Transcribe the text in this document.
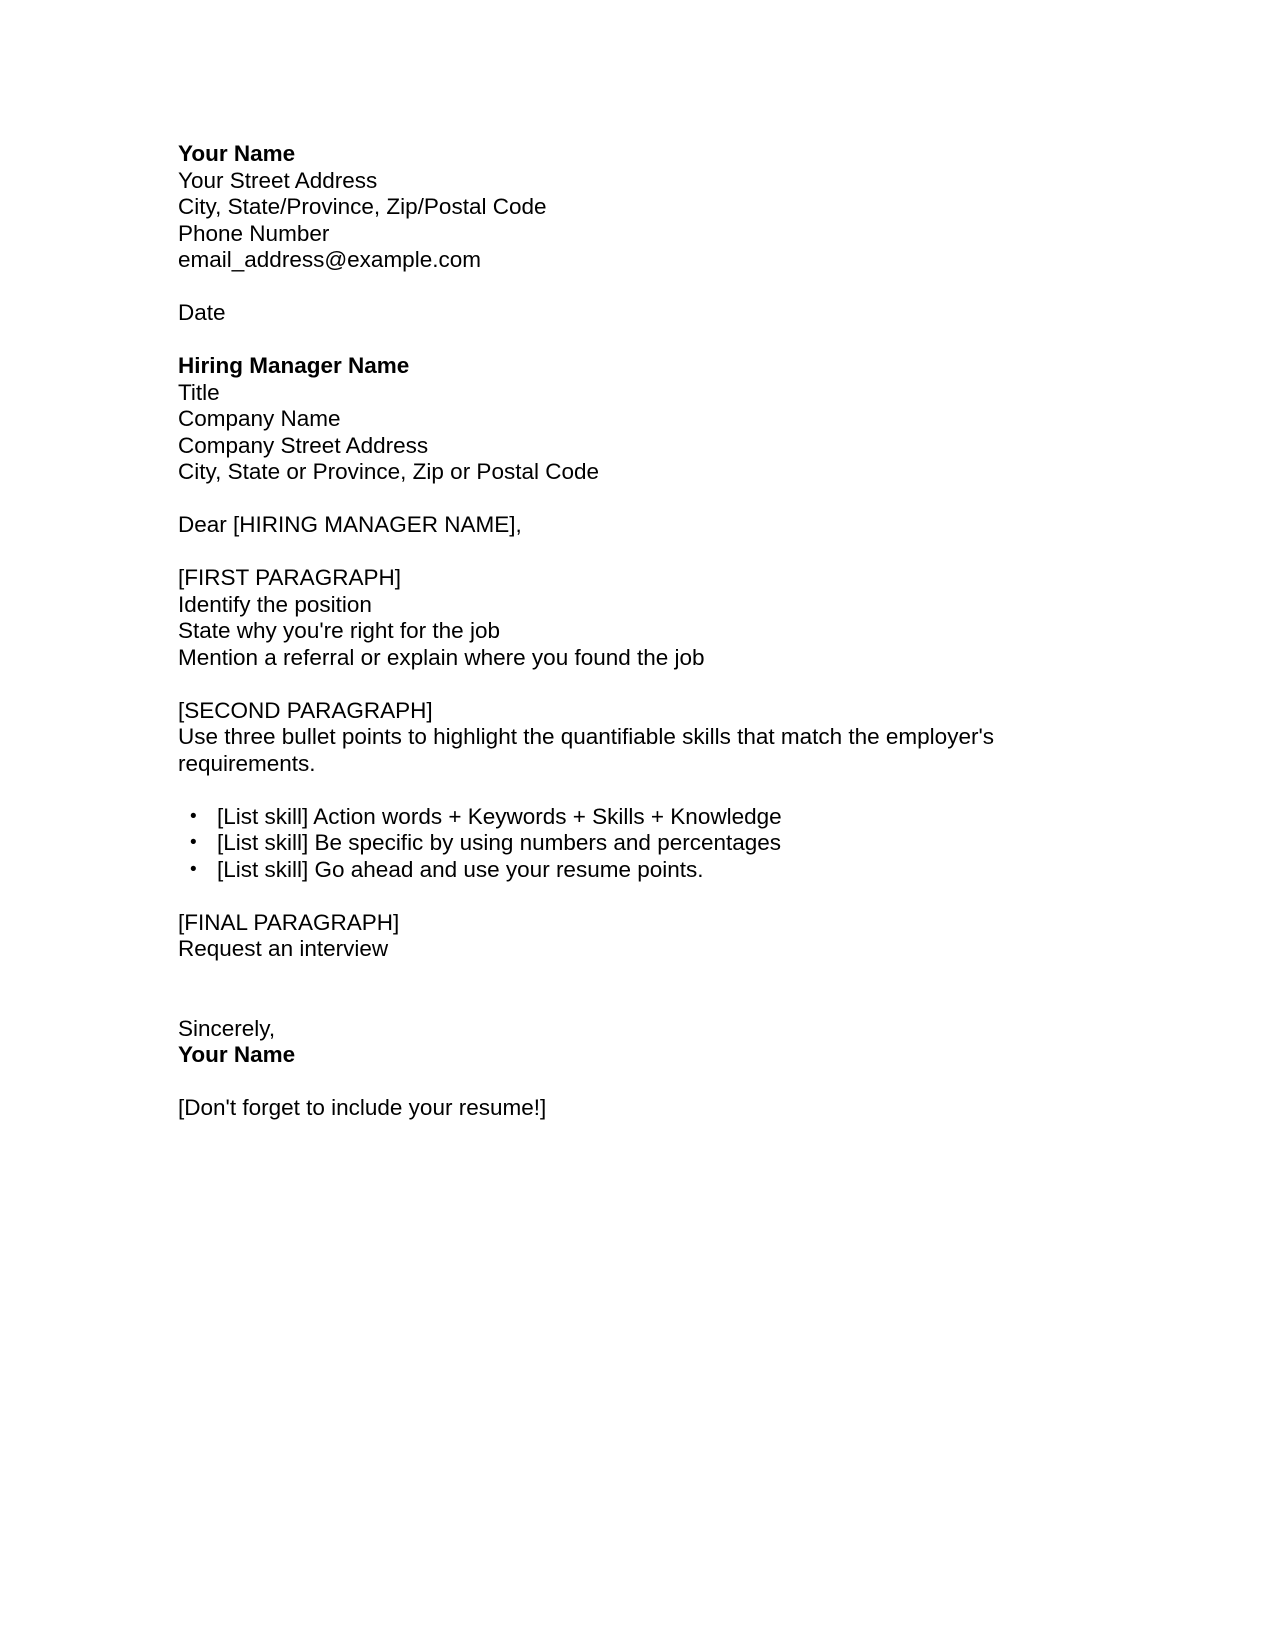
Your Name
Your Street Address
City, State/Province, Zip/Postal Code
Phone Number
email_address@example.com
Date
Hiring Manager Name
Title
Company Name
Company Street Address
City, State or Province, Zip or Postal Code
Dear [HIRING MANAGER NAME],
[FIRST PARAGRAPH]
Identify the position
State why you're right for the job
Mention a referral or explain where you found the job
[SECOND PARAGRAPH]
Use three bullet points to highlight the quantifiable skills that match the employer's
requirements.
• [List skill] Action words + Keywords + Skills + Knowledge
• [List skill] Be specific by using numbers and percentages
• [List skill] Go ahead and use your resume points.
[FINAL PARAGRAPH]
Request an interview
Sincerely,
Your Name
[Don't forget to include your resume!]
